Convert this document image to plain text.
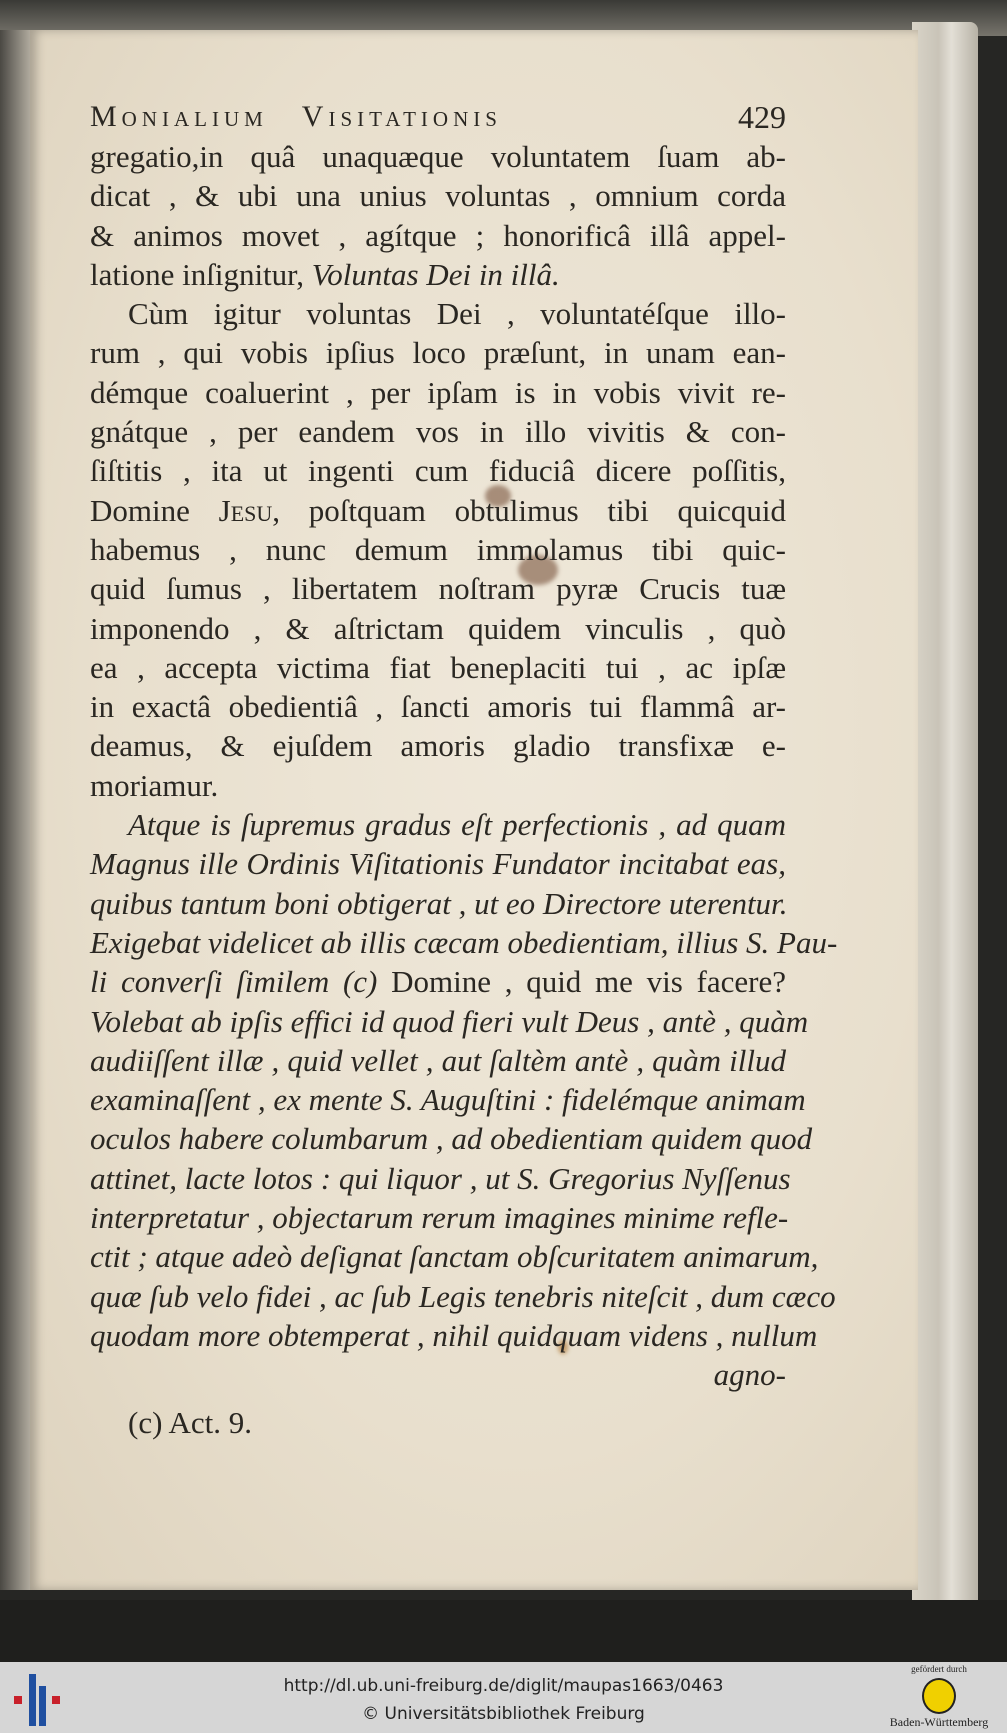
Monialium Visitationis	429
gregatio,in quâ unaquæque voluntatem ſuam ab-
dicat , & ubi una unius voluntas , omnium corda
& animos movet , agítque ; honorificâ illâ appel-
latione inſignitur, Voluntas Dei in illâ.
Cùm igitur voluntas Dei , voluntatéſque illo-
rum , qui vobis ipſius loco præſunt, in unam ean-
démque coaluerint , per ipſam is in vobis vivit re-
gnátque , per eandem vos in illo vivitis & con-
ſiſtitis , ita ut ingenti cum fiduciâ dicere poſſitis,
Domine Jesu, poſtquam obtulimus tibi quicquid
habemus , nunc demum immolamus tibi quic-
quid ſumus , libertatem noſtram pyræ Crucis tuæ
imponendo , & aſtrictam quidem vinculis , quò
ea , accepta victima fiat beneplaciti tui , ac ipſæ
in exactâ obedientiâ , ſancti amoris tui flammâ ar-
deamus, & ejuſdem amoris gladio transfixæ e-
moriamur.
Atque is ſupremus gradus eſt perfectionis , ad quam
Magnus ille Ordinis Viſitationis Fundator incitabat eas,
quibus tantum boni obtigerat , ut eo Directore uterentur.
Exigebat videlicet ab illis cæcam obedientiam, illius S. Pau-
li converſi ſimilem (c) Domine , quid me vis facere?
Volebat ab ipſis effici id quod fieri vult Deus , antè , quàm
audiiſſent illæ , quid vellet , aut ſaltèm antè , quàm illud
examinaſſent , ex mente S. Auguſtini : fidelémque animam
oculos habere columbarum , ad obedientiam quidem quod
attinet, lacte lotos : qui liquor , ut S. Gregorius Nyſſenus
interpretatur , objectarum rerum imagines minime refle-
ctit ; atque adeò deſignat ſanctam obſcuritatem animarum,
quæ ſub velo fidei , ac ſub Legis tenebris niteſcit , dum cæco
quodam more obtemperat , nihil quidquam videns , nullum
agno-
(c) Act. 9.
http://dl.ub.uni-freiburg.de/diglit/maupas1663/0463
© Universitätsbibliothek Freiburg
gefördert durch
Baden-Württemberg
